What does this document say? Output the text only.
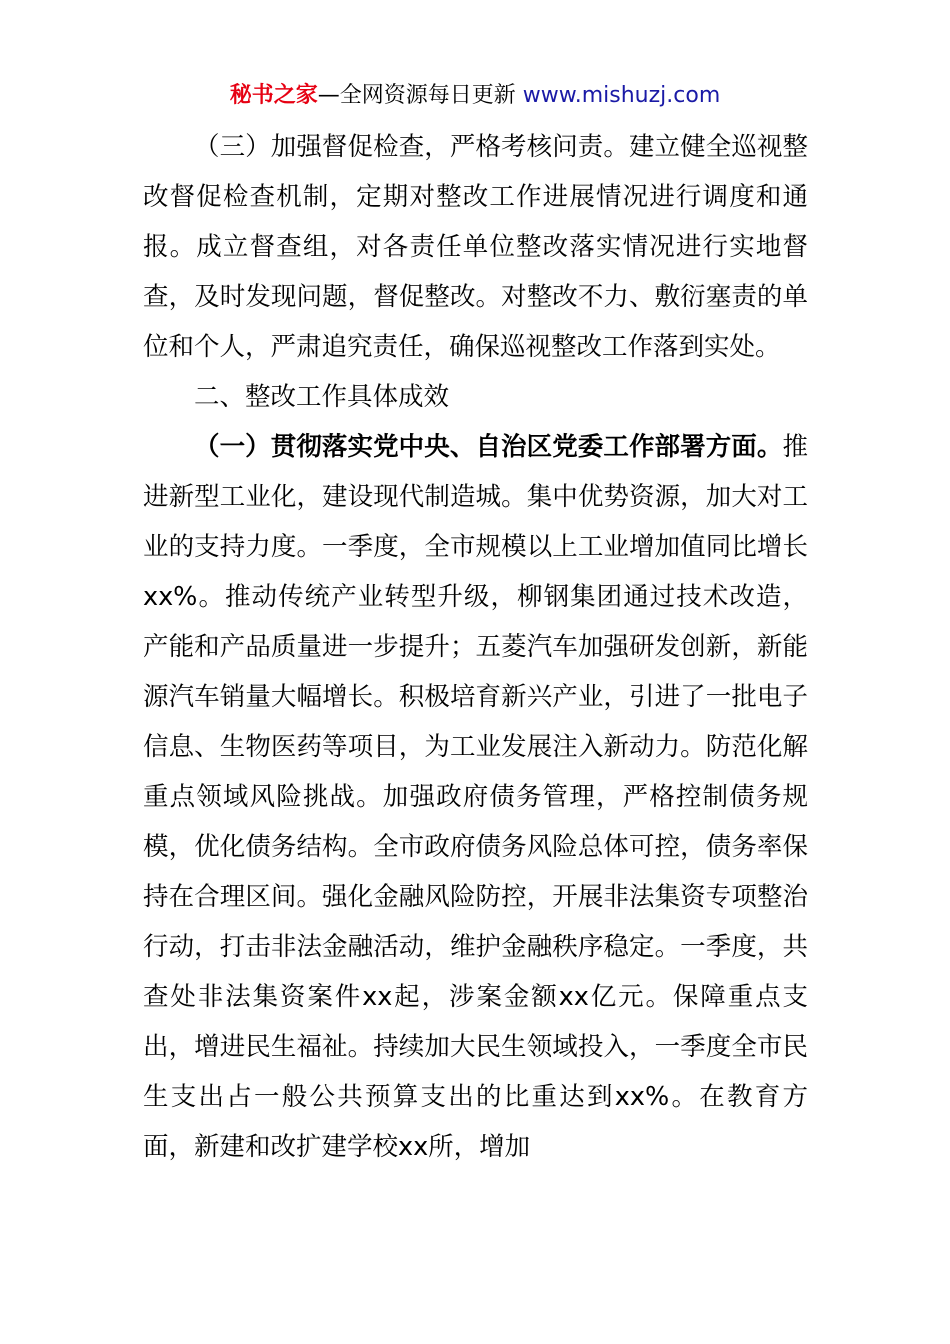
秘书之家—全网资源每日更新 www.mishuzj.com

（三）加强督促检查，严格考核问责。建立健全巡视整改督促检查机制，定期对整改工作进展情况进行调度和通报。成立督查组，对各责任单位整改落实情况进行实地督查，及时发现问题，督促整改。对整改不力、敷衍塞责的单位和个人，严肃追究责任，确保巡视整改工作落到实处。

二、整改工作具体成效

（一）贯彻落实党中央、自治区党委工作部署方面。推进新型工业化，建设现代制造城。集中优势资源，加大对工业的支持力度。一季度，全市规模以上工业增加值同比增长xx%。推动传统产业转型升级，柳钢集团通过技术改造，产能和产品质量进一步提升；五菱汽车加强研发创新，新能源汽车销量大幅增长。积极培育新兴产业，引进了一批电子信息、生物医药等项目，为工业发展注入新动力。防范化解重点领域风险挑战。加强政府债务管理，严格控制债务规模，优化债务结构。全市政府债务风险总体可控，债务率保持在合理区间。强化金融风险防控，开展非法集资专项整治行动，打击非法金融活动，维护金融秩序稳定。一季度，共查处非法集资案件xx起，涉案金额xx亿元。保障重点支出，增进民生福祉。持续加大民生领域投入，一季度全市民生支出占一般公共预算支出的比重达到xx%。在教育方面，新建和改扩建学校xx所，增加
